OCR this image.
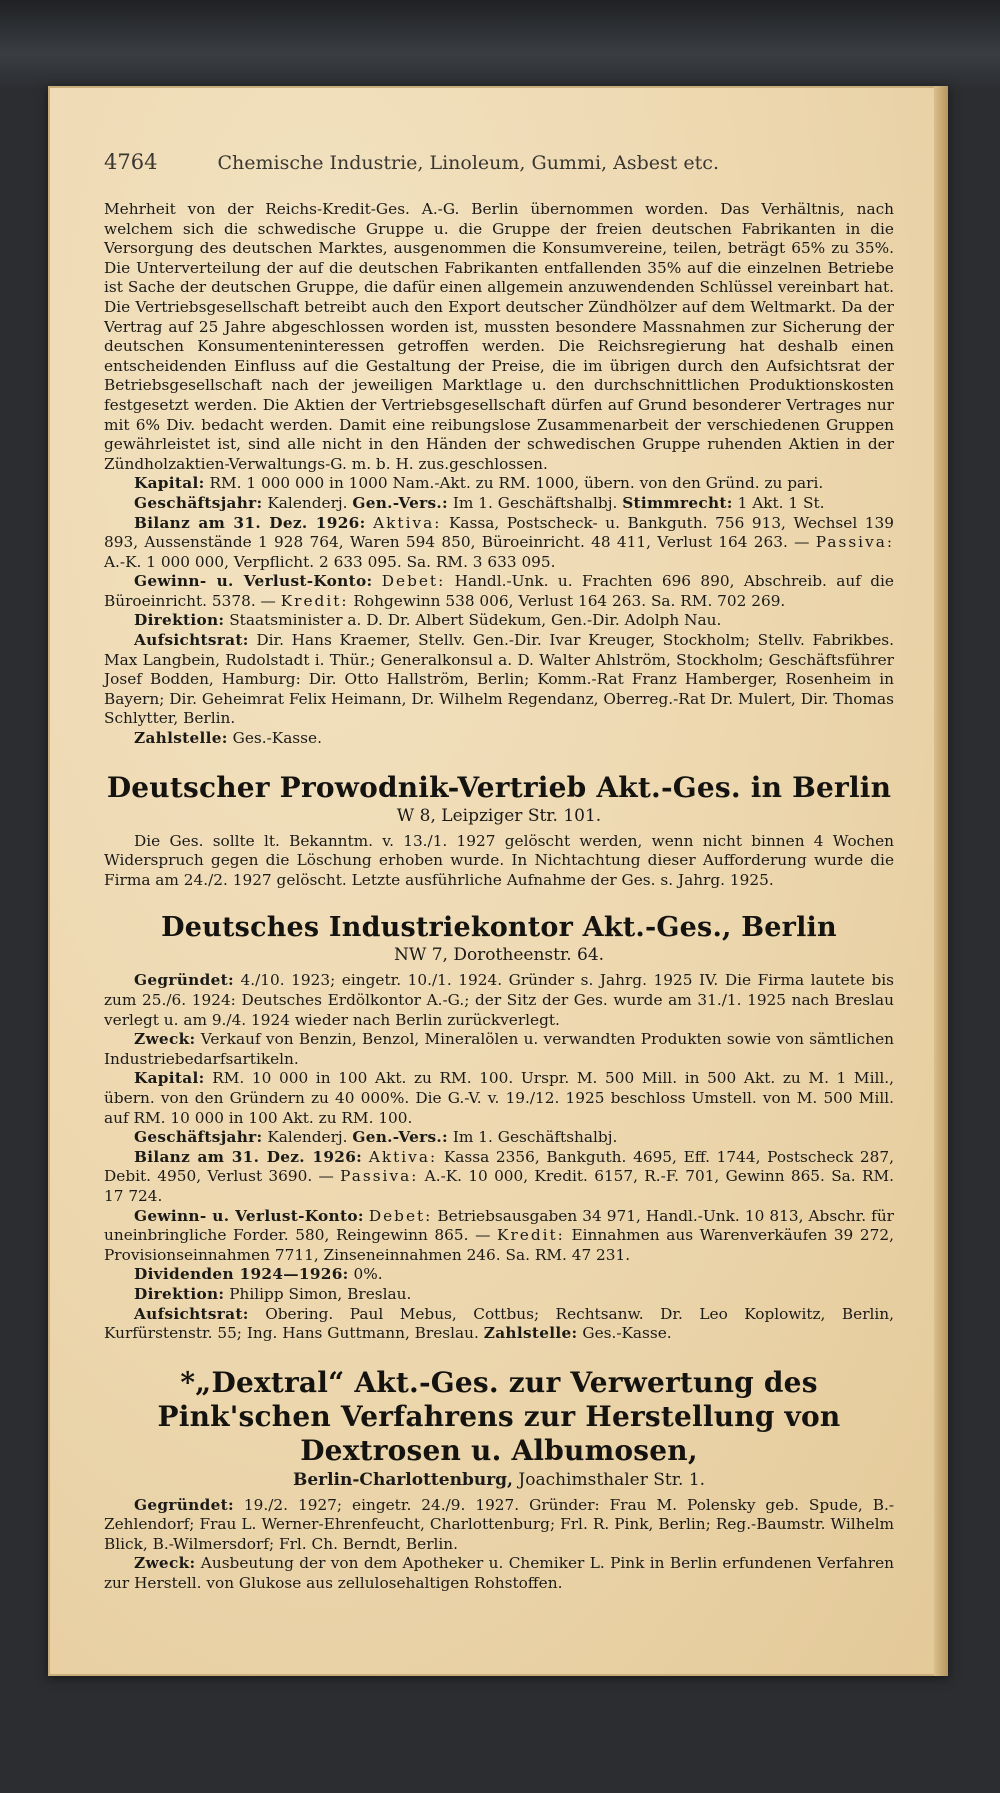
4764	Chemische Industrie, Linoleum, Gummi, Asbest etc.

Mehrheit von der Reichs-Kredit-Ges. A.-G. Berlin übernommen worden. Das Verhältnis, nach welchem sich die schwedische Gruppe u. die Gruppe der freien deutschen Fabrikanten in die Versorgung des deutschen Marktes, ausgenommen die Konsumvereine, teilen, beträgt 65% zu 35%. Die Unterverteilung der auf die deutschen Fabrikanten entfallenden 35% auf die einzelnen Betriebe ist Sache der deutschen Gruppe, die dafür einen allgemein anzuwendenden Schlüssel vereinbart hat. Die Vertriebsgesellschaft betreibt auch den Export deutscher Zündhölzer auf dem Weltmarkt. Da der Vertrag auf 25 Jahre abgeschlossen worden ist, mussten besondere Massnahmen zur Sicherung der deutschen Konsumenteninteressen getroffen werden. Die Reichsregierung hat deshalb einen entscheidenden Einfluss auf die Gestaltung der Preise, die im übrigen durch den Aufsichtsrat der Betriebsgesellschaft nach der jeweiligen Marktlage u. den durchschnittlichen Produktionskosten festgesetzt werden. Die Aktien der Vertriebsgesellschaft dürfen auf Grund besonderer Vertrages nur mit 6% Div. bedacht werden. Damit eine reibungslose Zusammenarbeit der verschiedenen Gruppen gewährleistet ist, sind alle nicht in den Händen der schwedischen Gruppe ruhenden Aktien in der Zündholzaktien-Verwaltungs-G. m. b. H. zus.geschlossen.

Kapital: RM. 1 000 000 in 1000 Nam.-Akt. zu RM. 1000, übern. von den Gründ. zu pari.

Geschäftsjahr: Kalenderj. Gen.-Vers.: Im 1. Geschäftshalbj. Stimmrecht: 1 Akt. 1 St.

Bilanz am 31. Dez. 1926: Aktiva: Kassa, Postscheck- u. Bankguth. 756 913, Wechsel 139 893, Aussenstände 1 928 764, Waren 594 850, Büroeinricht. 48 411, Verlust 164 263. — Passiva: A.-K. 1 000 000, Verpflicht. 2 633 095. Sa. RM. 3 633 095.

Gewinn- u. Verlust-Konto: Debet: Handl.-Unk. u. Frachten 696 890, Abschreib. auf die Büroeinricht. 5378. — Kredit: Rohgewinn 538 006, Verlust 164 263. Sa. RM. 702 269.

Direktion: Staatsminister a. D. Dr. Albert Südekum, Gen.-Dir. Adolph Nau.

Aufsichtsrat: Dir. Hans Kraemer, Stellv. Gen.-Dir. Ivar Kreuger, Stockholm; Stellv. Fabrikbes. Max Langbein, Rudolstadt i. Thür.; Generalkonsul a. D. Walter Ahlström, Stockholm; Geschäftsführer Josef Bodden, Hamburg: Dir. Otto Hallström, Berlin; Komm.-Rat Franz Hamberger, Rosenheim in Bayern; Dir. Geheimrat Felix Heimann, Dr. Wilhelm Regendanz, Oberreg.-Rat Dr. Mulert, Dir. Thomas Schlytter, Berlin.

Zahlstelle: Ges.-Kasse.

Deutscher Prowodnik-Vertrieb Akt.-Ges. in Berlin
W 8, Leipziger Str. 101.

Die Ges. sollte lt. Bekanntm. v. 13./1. 1927 gelöscht werden, wenn nicht binnen 4 Wochen Widerspruch gegen die Löschung erhoben wurde. In Nichtachtung dieser Aufforderung wurde die Firma am 24./2. 1927 gelöscht. Letzte ausführliche Aufnahme der Ges. s. Jahrg. 1925.

Deutsches Industriekontor Akt.-Ges., Berlin
NW 7, Dorotheenstr. 64.

Gegründet: 4./10. 1923; eingetr. 10./1. 1924. Gründer s. Jahrg. 1925 IV. Die Firma lautete bis zum 25./6. 1924: Deutsches Erdölkontor A.-G.; der Sitz der Ges. wurde am 31./1. 1925 nach Breslau verlegt u. am 9./4. 1924 wieder nach Berlin zurückverlegt.

Zweck: Verkauf von Benzin, Benzol, Mineralölen u. verwandten Produkten sowie von sämtlichen Industriebedarfsartikeln.

Kapital: RM. 10 000 in 100 Akt. zu RM. 100. Urspr. M. 500 Mill. in 500 Akt. zu M. 1 Mill., übern. von den Gründern zu 40 000%. Die G.-V. v. 19./12. 1925 beschloss Umstell. von M. 500 Mill. auf RM. 10 000 in 100 Akt. zu RM. 100.

Geschäftsjahr: Kalenderj. Gen.-Vers.: Im 1. Geschäftshalbj.

Bilanz am 31. Dez. 1926: Aktiva: Kassa 2356, Bankguth. 4695, Eff. 1744, Postscheck 287, Debit. 4950, Verlust 3690. — Passiva: A.-K. 10 000, Kredit. 6157, R.-F. 701, Gewinn 865. Sa. RM. 17 724.

Gewinn- u. Verlust-Konto: Debet: Betriebsausgaben 34 971, Handl.-Unk. 10 813, Abschr. für uneinbringliche Forder. 580, Reingewinn 865. — Kredit: Einnahmen aus Warenverkäufen 39 272, Provisionseinnahmen 7711, Zinseneinnahmen 246. Sa. RM. 47 231.

Dividenden 1924—1926: 0%.

Direktion: Philipp Simon, Breslau.

Aufsichtsrat: Obering. Paul Mebus, Cottbus; Rechtsanw. Dr. Leo Koplowitz, Berlin, Kurfürstenstr. 55; Ing. Hans Guttmann, Breslau. Zahlstelle: Ges.-Kasse.

*„Dextral“ Akt.-Ges. zur Verwertung des Pink'schen Verfahrens zur Herstellung von Dextrosen u. Albumosen,
Berlin-Charlottenburg, Joachimsthaler Str. 1.

Gegründet: 19./2. 1927; eingetr. 24./9. 1927. Gründer: Frau M. Polensky geb. Spude, B.-Zehlendorf; Frau L. Werner-Ehrenfeucht, Charlottenburg; Frl. R. Pink, Berlin; Reg.-Baumstr. Wilhelm Blick, B.-Wilmersdorf; Frl. Ch. Berndt, Berlin.

Zweck: Ausbeutung der von dem Apotheker u. Chemiker L. Pink in Berlin erfundenen Verfahren zur Herstell. von Glukose aus zellulosehaltigen Rohstoffen.
